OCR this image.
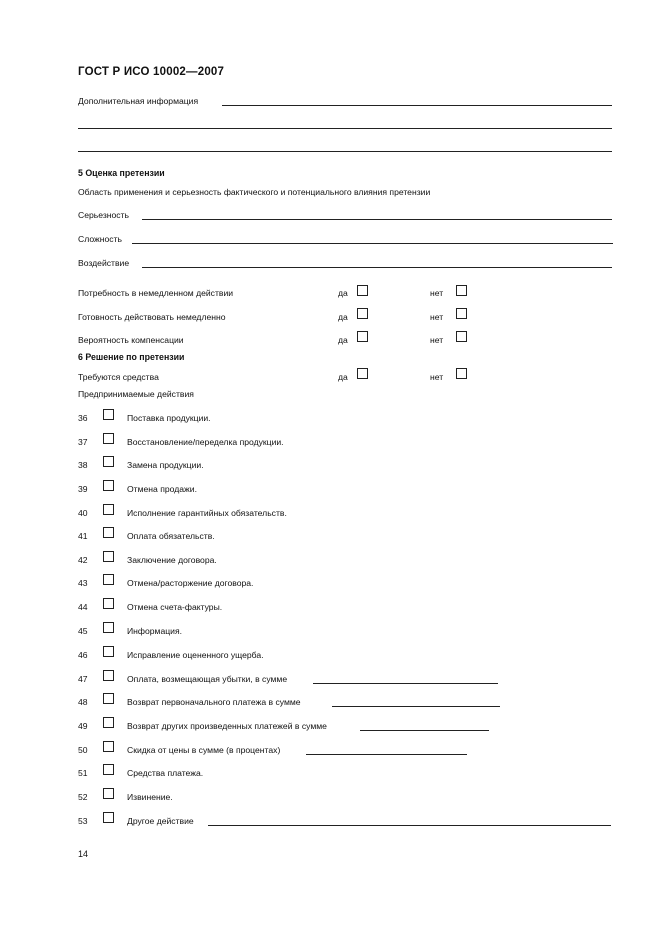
ГОСТ Р ИСО 10002—2007
Дополнительная информация
5 Оценка претензии
Область применения и серьезность фактического и потенциального влияния претензии
Серьезность
Сложность
Воздействие
Потребность в немедленном действии	да	нет
Готовность действовать немедленно	да	нет
Вероятность компенсации	да	нет
6 Решение по претензии
Требуются средства	да	нет
Предпринимаемые действия
36	Поставка продукции.
37	Восстановление/переделка продукции.
38	Замена продукции.
39	Отмена продажи.
40	Исполнение гарантийных обязательств.
41	Оплата обязательств.
42	Заключение договора.
43	Отмена/расторжение договора.
44	Отмена счета-фактуры.
45	Информация.
46	Исправление оцененного ущерба.
47	Оплата, возмещающая убытки, в сумме
48	Возврат первоначального платежа в сумме
49	Возврат других произведенных платежей в сумме
50	Скидка от цены в сумме (в процентах)
51	Средства платежа.
52	Извинение.
53	Другое действие
14
